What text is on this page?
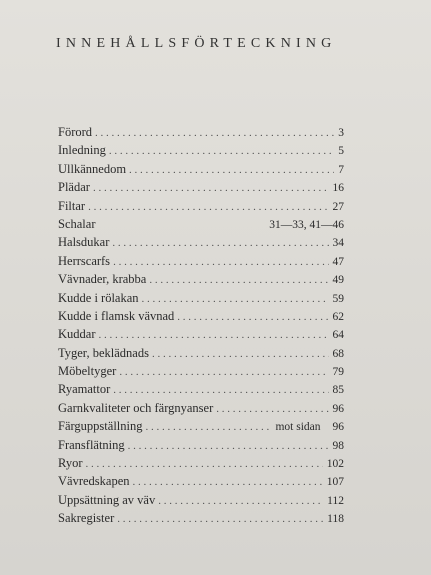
INNEHÅLLSFÖRTECKNING
Förord . . .	3
Inledning . . .	5
Ullkännedom . . .	7
Plädar . . .	16
Filtar . . .	27
Schalar	31—33, 41—46
Halsdukar . . .	34
Herrscarfs . . .	47
Vävnader, krabba . . .	49
Kudde i rölakan . . .	59
Kudde i flamsk vävnad . . .	62
Kuddar . . .	64
Tyger, beklädnads . . .	68
Möbeltyger . . .	79
Ryamattor . . .	85
Garnkvaliteter och färgnyanser . . .	96
Färguppställning . . .	mot sidan 96
Fransflätning . . .	98
Ryor . . .	102
Vävredskapen . . .	107
Uppsättning av väv . . .	112
Sakregister . . .	118
